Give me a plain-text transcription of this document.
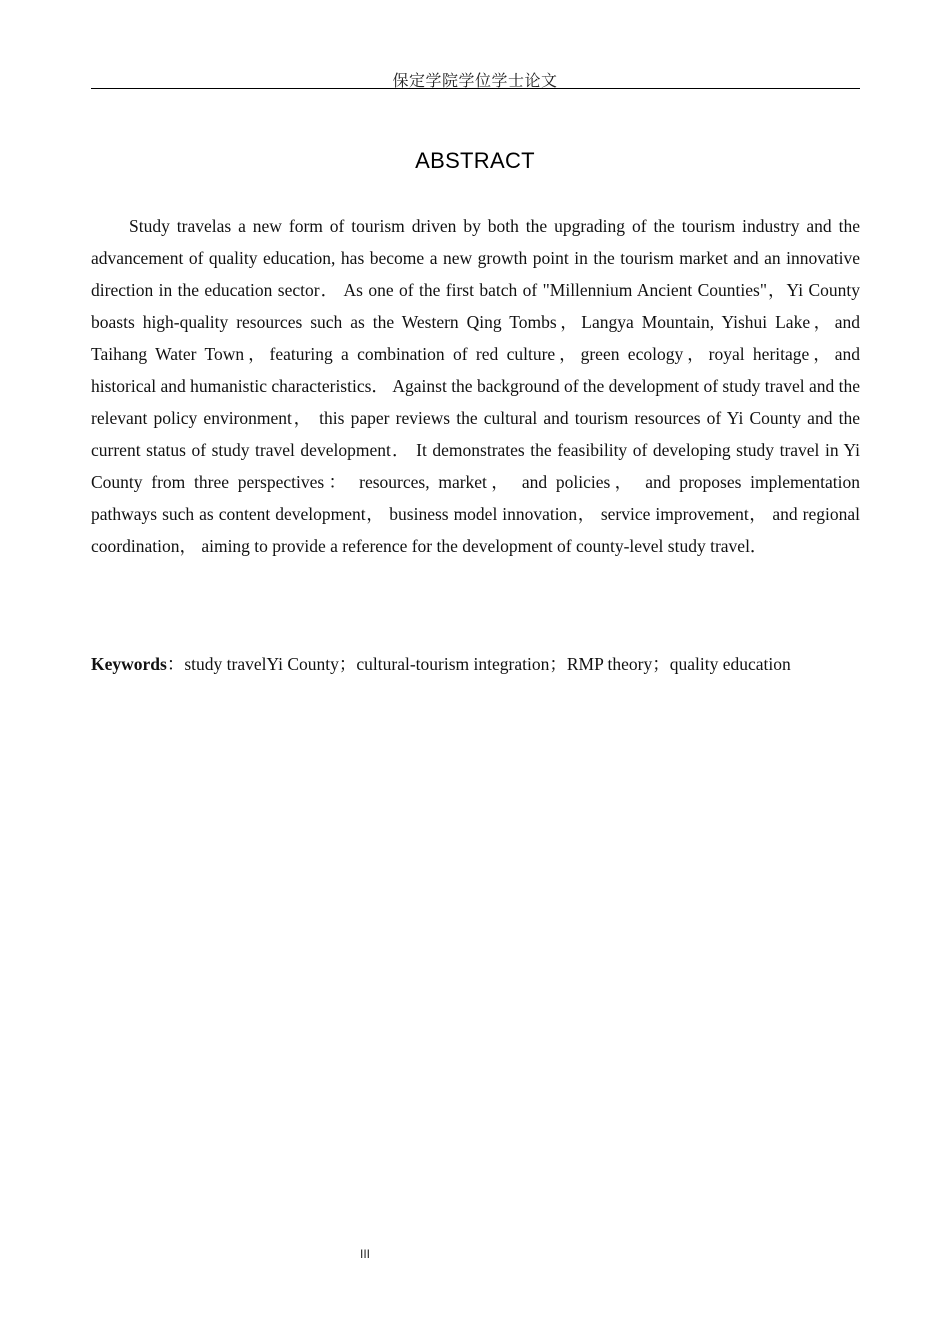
保定学院学位学士论文
ABSTRACT

Study travelas a new form of tourism driven by both the upgrading of the tourism industry and the advancement of quality education, has become a new growth point in the tourism market and an innovative direction in the education sector． As one of the first batch of "Millennium Ancient Counties"，Yi County boasts high-quality resources such as the Western Qing Tombs，Langya Mountain, Yishui Lake，and Taihang Water Town，featuring a combination of red culture，green ecology，royal heritage，and historical and humanistic characteristics． Against the background of the development of study travel and the relevant policy environment， this paper reviews the cultural and tourism resources of Yi County and the current status of study travel development． It demonstrates the feasibility of developing study travel in Yi County from three perspectives： resources, market， and policies， and proposes implementation pathways such as content development， business model innovation， service improvement， and regional coordination， aiming to provide a reference for the development of county-level study travel．

Keywords：study travelYi County；cultural-tourism integration；RMP theory；quality education

III
